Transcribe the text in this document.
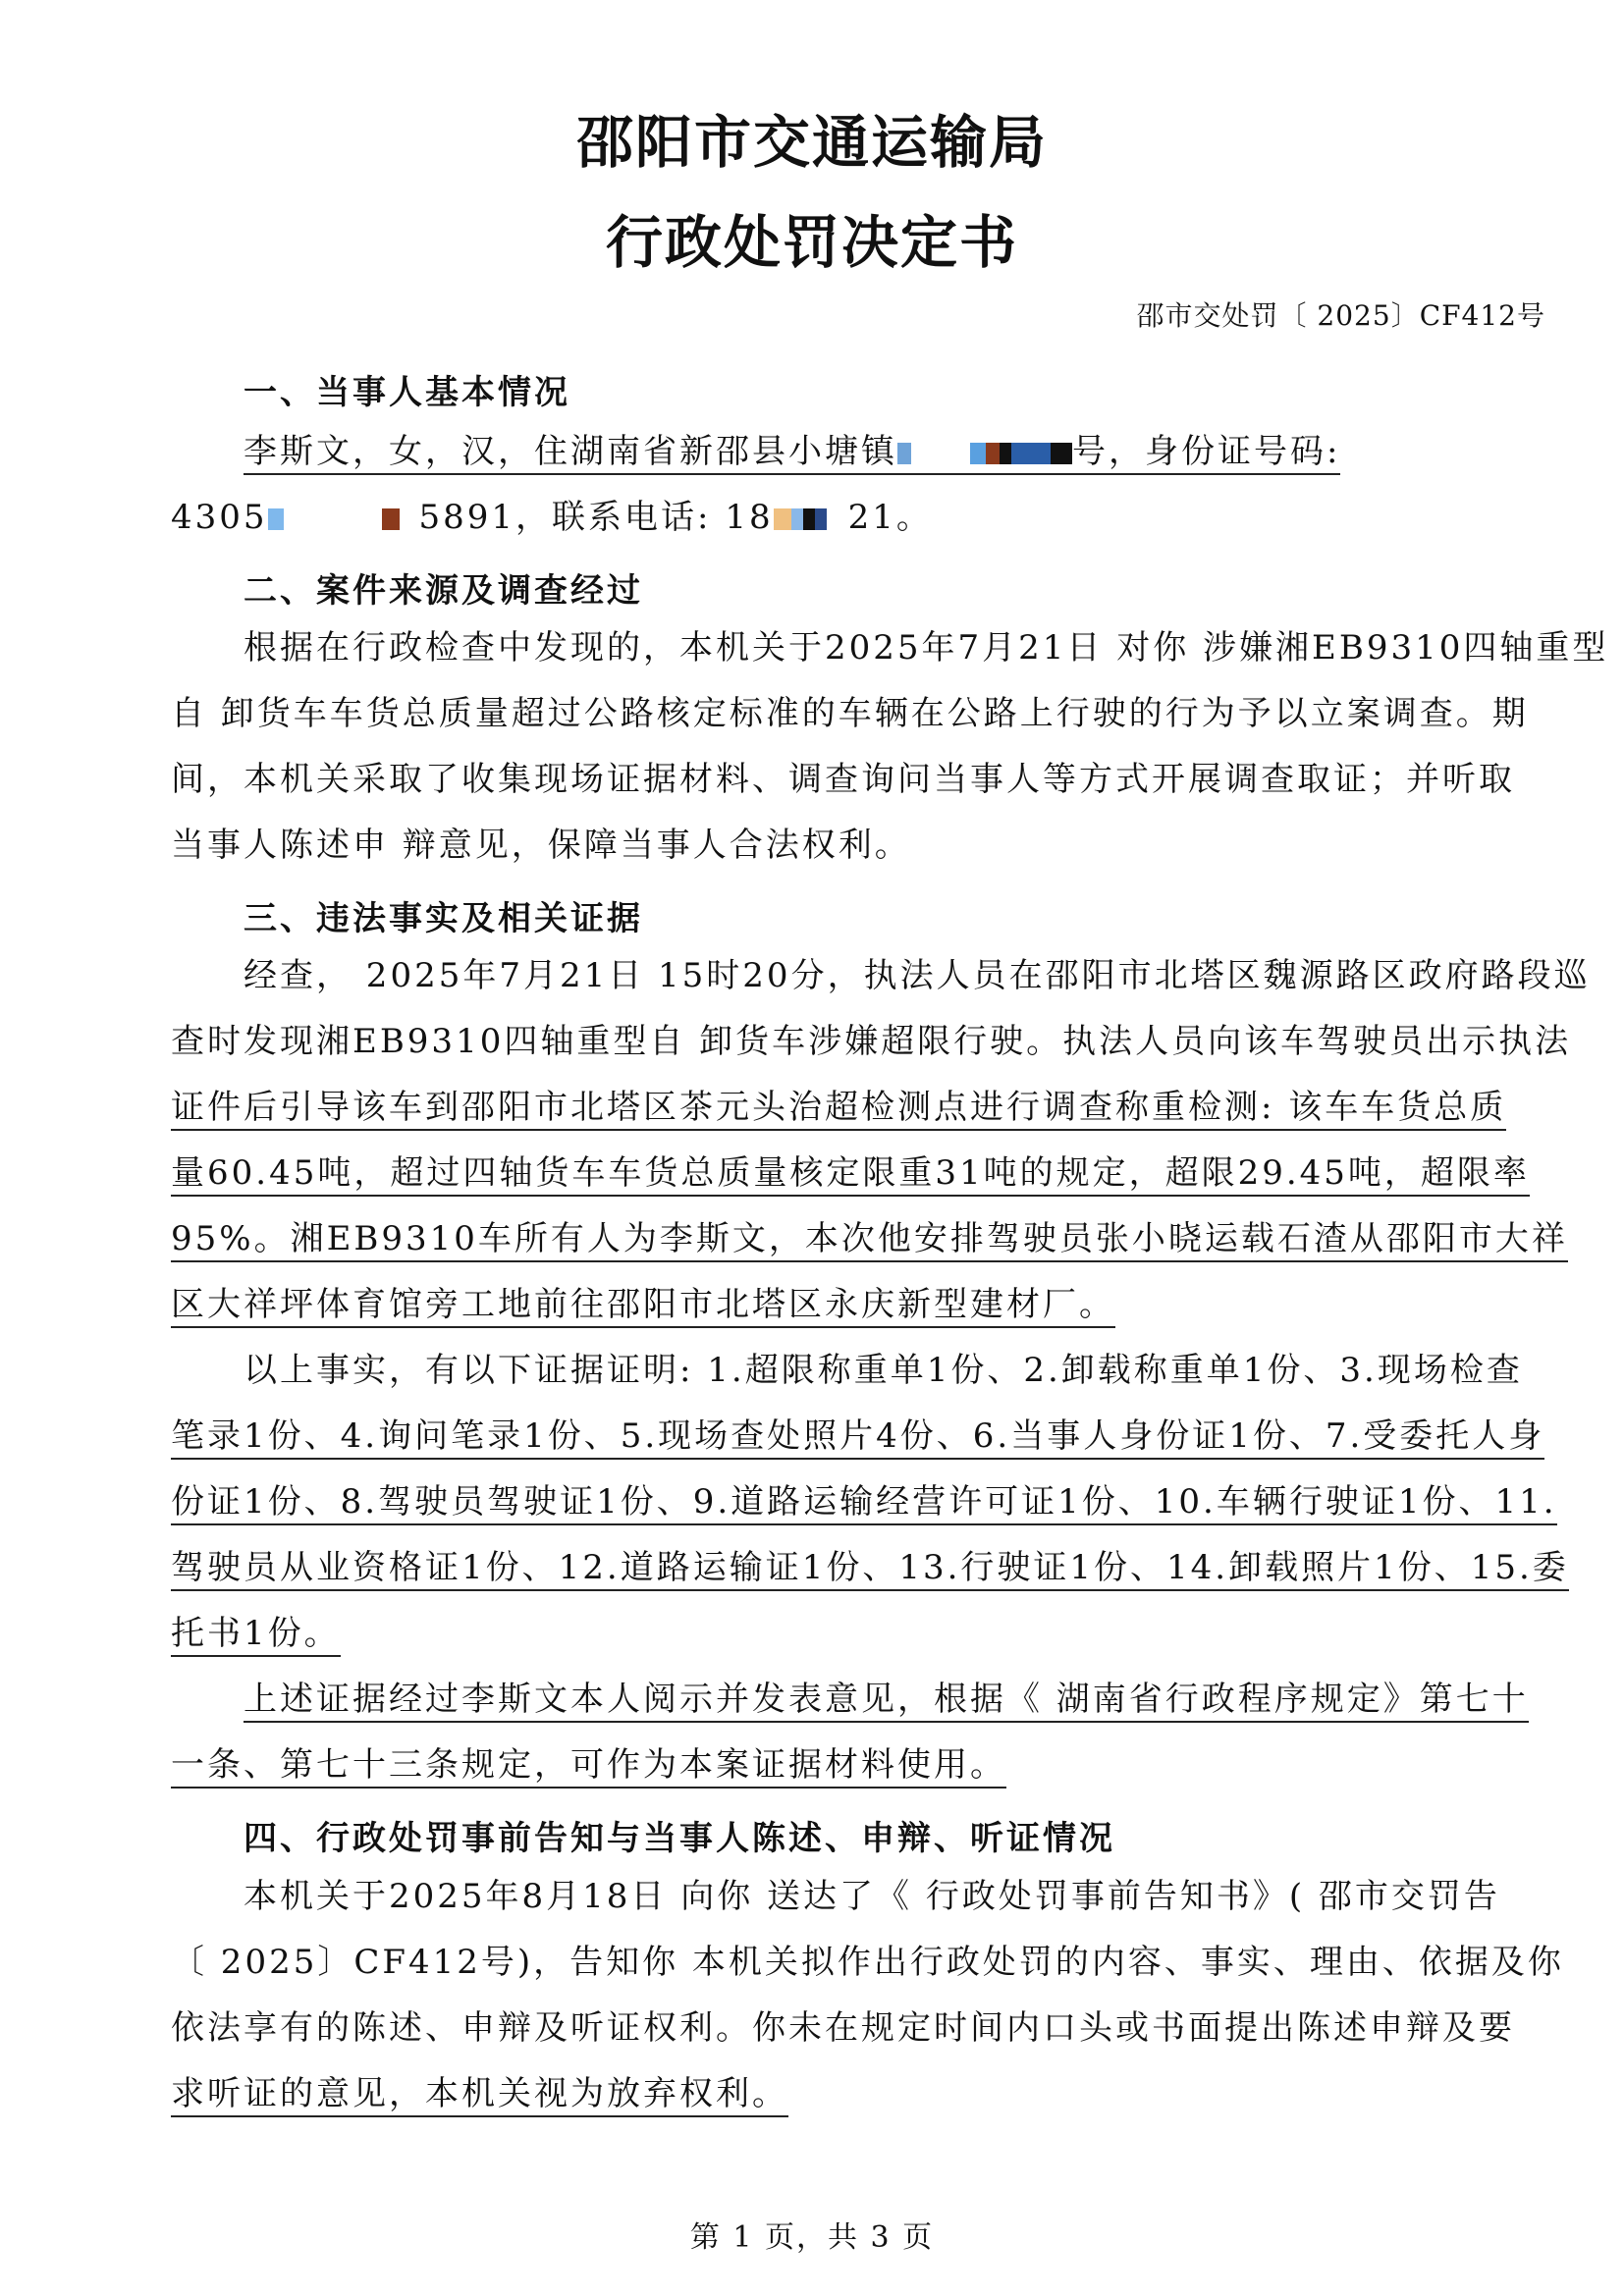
邵阳市交通运输局
行政处罚决定书
邵市交处罚〔 2025〕CF412号
一、当事人基本情况
李斯文，女，汉，住湖南省新邵县小塘镇	号，身份证号码:
4305	5891，联系电话: 18 21。
二、案件来源及调查经过
根据在行政检查中发现的，本机关于2025年7月21日 对你 涉嫌湘EB9310四轴重型
自 卸货车车货总质量超过公路核定标准的车辆在公路上行驶的行为予以立案调查。期
间，本机关采取了收集现场证据材料、调查询问当事人等方式开展调查取证；并听取
当事人陈述申 辩意见，保障当事人合法权利。
三、违法事实及相关证据
经查， 2025年7月21日 15时20分，执法人员在邵阳市北塔区魏源路区政府路段巡
查时发现湘EB9310四轴重型自 卸货车涉嫌超限行驶。执法人员向该车驾驶员出示执法
证件后引导该车到邵阳市北塔区茶元头治超检测点进行调查称重检测: 该车车货总质
量60.45吨，超过四轴货车车货总质量核定限重31吨的规定，超限29.45吨，超限率
95%。湘EB9310车所有人为李斯文，本次他安排驾驶员张小晓运载石渣从邵阳市大祥
区大祥坪体育馆旁工地前往邵阳市北塔区永庆新型建材厂。
以上事实，有以下证据证明: 1.超限称重单1份、2.卸载称重单1份、3.现场检查
笔录1份、4.询问笔录1份、5.现场查处照片4份、6.当事人身份证1份、7.受委托人身
份证1份、8.驾驶员驾驶证1份、9.道路运输经营许可证1份、10.车辆行驶证1份、11.
驾驶员从业资格证1份、12.道路运输证1份、13.行驶证1份、14.卸载照片1份、15.委
托书1份。
上述证据经过李斯文本人阅示并发表意见，根据《 湖南省行政程序规定》第七十
一条、第七十三条规定，可作为本案证据材料使用。
四、行政处罚事前告知与当事人陈述、申辩、听证情况
本机关于2025年8月18日 向你 送达了《 行政处罚事前告知书》( 邵市交罚告
〔 2025〕CF412号)，告知你 本机关拟作出行政处罚的内容、事实、理由、依据及你
依法享有的陈述、申辩及听证权利。你未在规定时间内口头或书面提出陈述申辩及要
求听证的意见，本机关视为放弃权利。
第 1 页，共 3 页
